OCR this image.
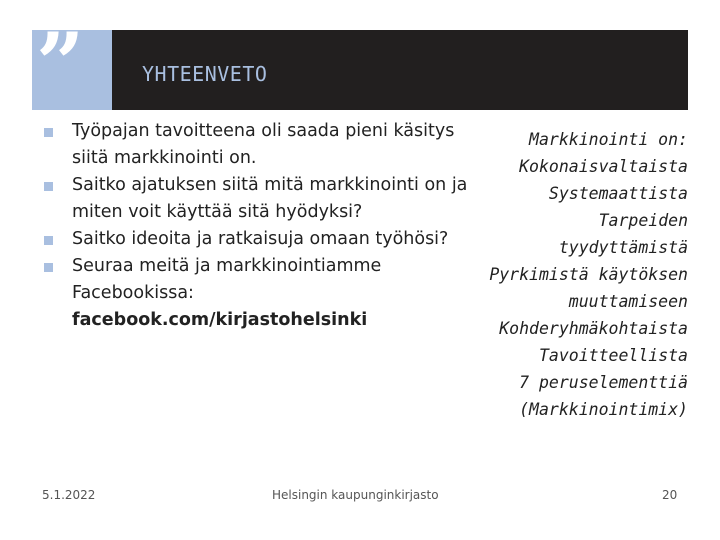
”	YHTEENVETO
Työpajan tavoitteena oli saada pieni käsitys siitä markkinointi on.
Saitko ajatuksen siitä mitä markkinointi on ja miten voit käyttää sitä hyödyksi?
Saitko ideoita ja ratkaisuja omaan työhösi?
Seuraa meitä ja markkinointiamme Facebookissa:
facebook.com/kirjastohelsinki
Markkinointi on:
Kokonaisvaltaista
Systemaattista
Tarpeiden
tyydyttämistä
Pyrkimistä käytöksen
muuttamiseen
Kohderyhmäkohtaista
Tavoitteellista
7 peruselementtiä
(Markkinointimix)
5.1.2022	Helsingin kaupunginkirjasto	20
